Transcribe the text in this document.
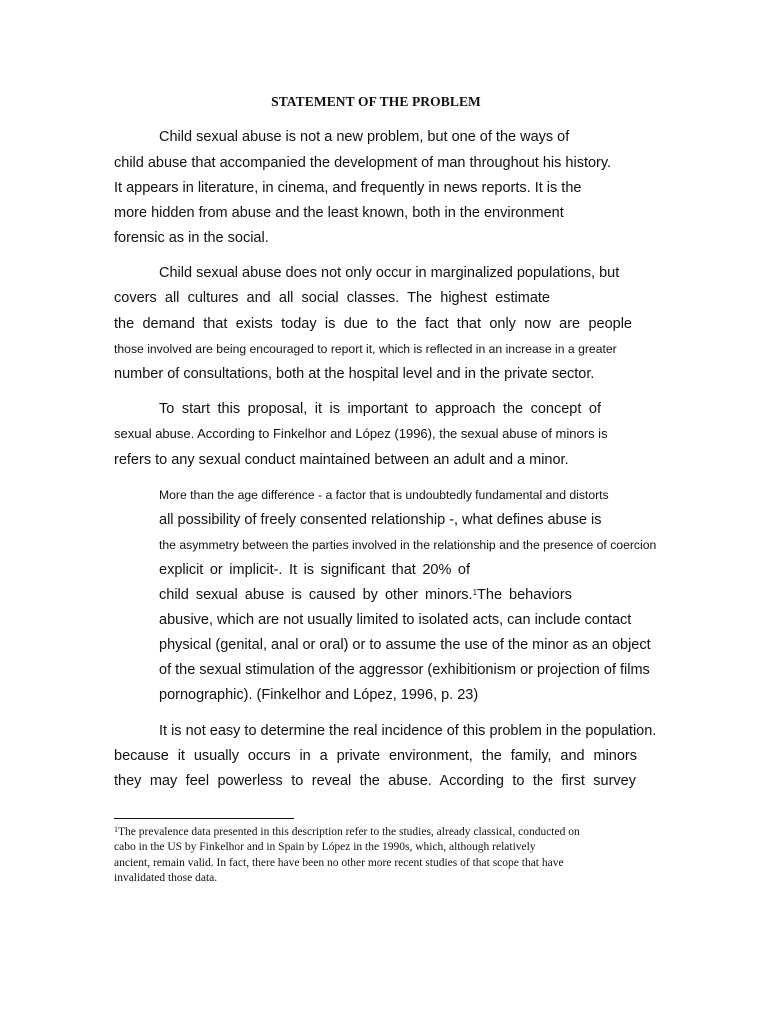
STATEMENT OF THE PROBLEM
Child sexual abuse is not a new problem, but one of the ways of
child abuse that accompanied the development of man throughout his history.
It appears in literature, in cinema, and frequently in news reports. It is the
more hidden from abuse and the least known, both in the environment
forensic as in the social.
Child sexual abuse does not only occur in marginalized populations, but
covers all cultures and all social classes. The highest estimate
the demand that exists today is due to the fact that only now are people
those involved are being encouraged to report it, which is reflected in an increase in a greater
number of consultations, both at the hospital level and in the private sector.
To start this proposal, it is important to approach the concept of
sexual abuse. According to Finkelhor and López (1996), the sexual abuse of minors is
refers to any sexual conduct maintained between an adult and a minor.
More than the age difference - a factor that is undoubtedly fundamental and distorts
all possibility of freely consented relationship -, what defines abuse is
the asymmetry between the parties involved in the relationship and the presence of coercion
explicit or implicit-. It is significant that 20% of
child sexual abuse is caused by other minors.$^1$The behaviors
abusive, which are not usually limited to isolated acts, can include contact
physical (genital, anal or oral) or to assume the use of the minor as an object
of the sexual stimulation of the aggressor (exhibitionism or projection of films
pornographic). (Finkelhor and López, 1996, p. 23)
It is not easy to determine the real incidence of this problem in the population.
because it usually occurs in a private environment, the family, and minors
they may feel powerless to reveal the abuse. According to the first survey
$^1$The prevalence data presented in this description refer to the studies, already classical, conducted on
cabo in the US by Finkelhor and in Spain by López in the 1990s, which, although relatively
ancient, remain valid. In fact, there have been no other more recent studies of that scope that have
invalidated those data.
